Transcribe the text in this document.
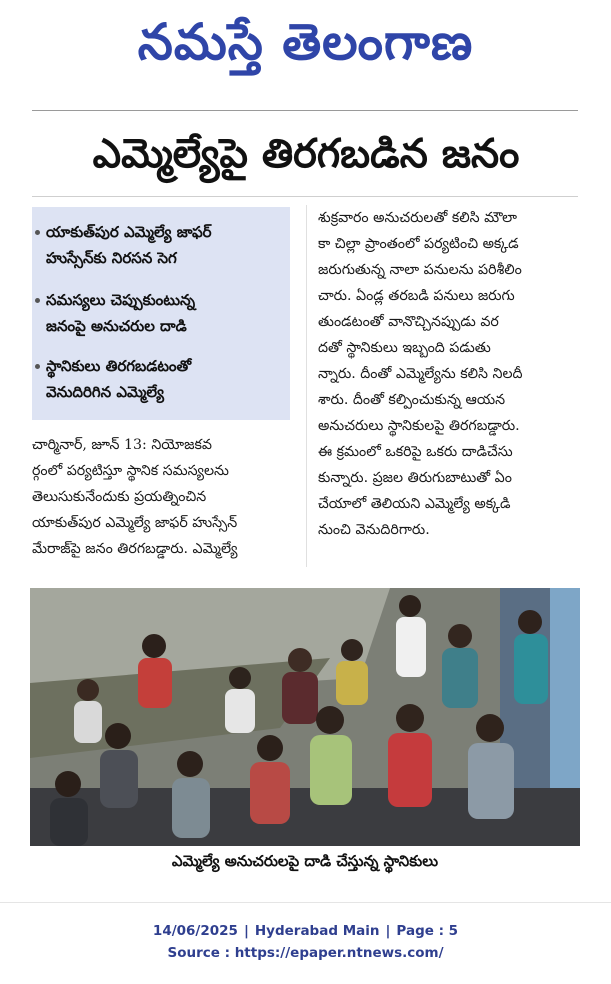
నమస్తే తెలంగాణ
ఎమ్మెల్యేపై తిరగబడిన జనం
యాకుత్‌పుర ఎమ్మెల్యే జాఫర్
హుస్సేన్‌కు నిరసన సెగ
సమస్యలు చెప్పుకుంటున్న
జనంపై అనుచరుల దాడి
స్థానికులు తిరగబడటంతో
వెనుదిరిగిన ఎమ్మెల్యే
చార్మినార్, జూన్ 13: నియోజకవ
ర్గంలో పర్యటిస్తూ స్థానిక సమస్యలను
తెలుసుకునేందుకు ప్రయత్నించిన
యాకుత్‌పుర ఎమ్మెల్యే జాఫర్ హుస్సేన్
మేరాజ్‌పై జనం తిరగబడ్డారు. ఎమ్మెల్యే
శుక్రవారం అనుచరులతో కలిసి మౌలా
కా చిల్లా ప్రాంతంలో పర్యటించి అక్కడ
జరుగుతున్న నాలా పనులను పరిశీలిం
చారు. ఏండ్ల తరబడి పనులు జరుగు
తుండటంతో వానొచ్చినప్పుడు వర
దతో స్థానికులు ఇబ్బంది పడుతు
న్నారు. దీంతో ఎమ్మెల్యేను కలిసి నిలదీ
శారు. దీంతో కల్పించుకున్న ఆయన
అనుచరులు స్థానికులపై తిరగబడ్డారు.
ఈ క్రమంలో ఒకరిపై ఒకరు దాడిచేసు
కున్నారు. ప్రజల తిరుగుబాటుతో ఏం
చేయాలో తెలియని ఎమ్మెల్యే అక్కడి
నుంచి వెనుదిరిగారు.
ఎమ్మెల్యే అనుచరులపై దాడి చేస్తున్న స్థానికులు
14/06/2025 | Hyderabad Main | Page : 5
Source : https://epaper.ntnews.com/
